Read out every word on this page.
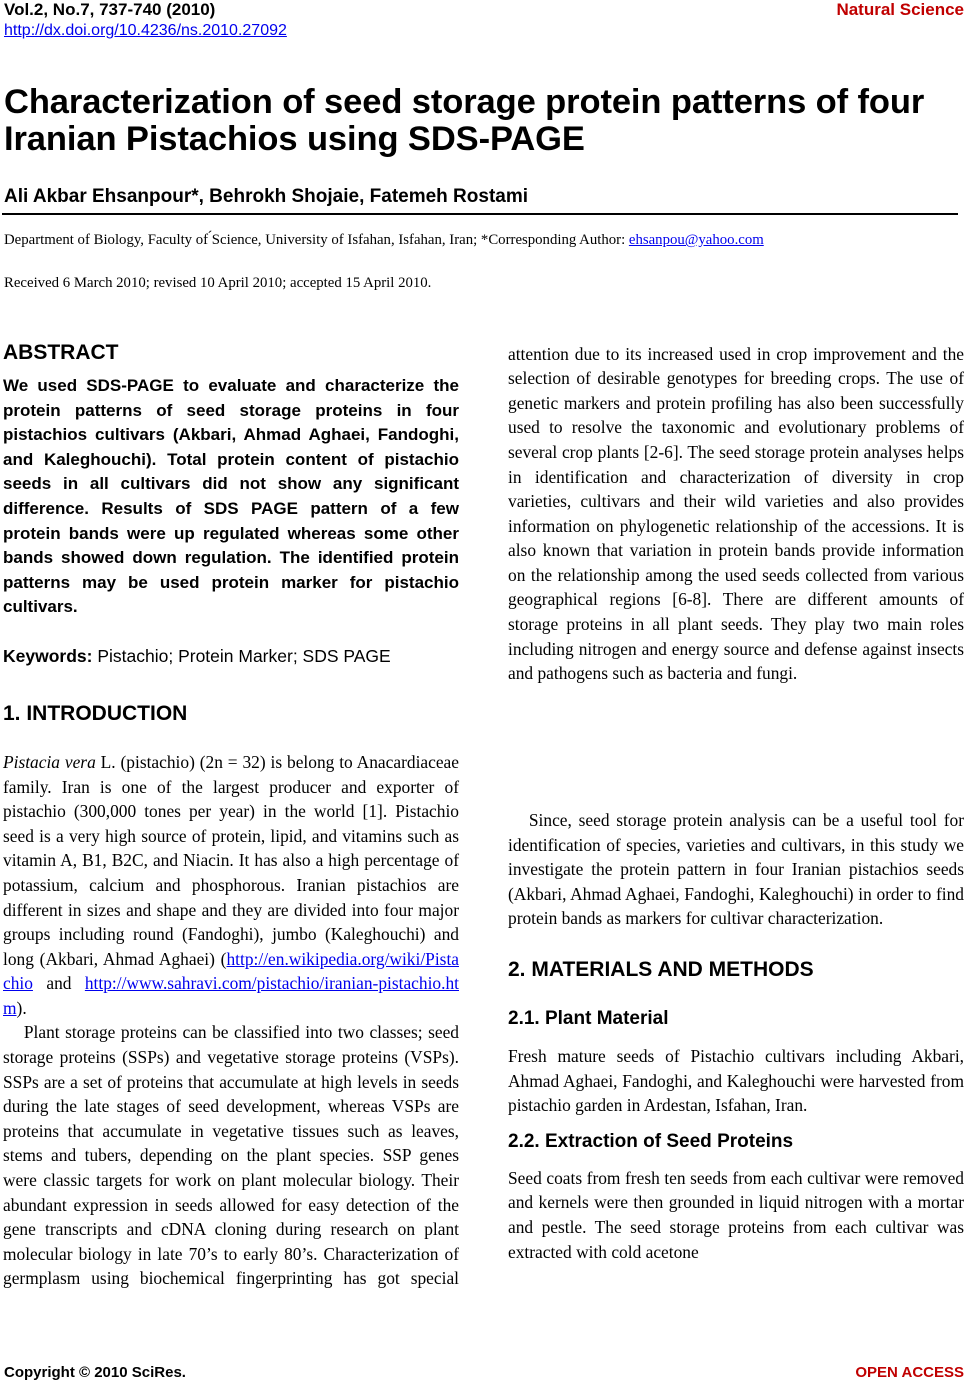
Vol.2, No.7, 737-740 (2010)
http://dx.doi.org/10.4236/ns.2010.27092
Natural Science
Characterization of seed storage protein patterns of four Iranian Pistachios using SDS-PAGE
Ali Akbar Ehsanpour*, Behrokh Shojaie, Fatemeh Rostami
Department of Biology, Faculty of ́Science, University of Isfahan, Isfahan, Iran; *Corresponding Author: ehsanpou@yahoo.com
Received 6 March 2010; revised 10 April 2010; accepted 15 April 2010.
ABSTRACT

We used SDS-PAGE to evaluate and characterize the protein patterns of seed storage proteins in four pistachios cultivars (Akbari, Ahmad Aghaei, Fandoghi, and Kaleghouchi). Total protein content of pistachio seeds in all cultivars did not show any significant difference. Results of SDS PAGE pattern of a few protein bands were up regulated whereas some other bands showed down regulation. The identified protein patterns may be used protein marker for pistachio cultivars.

Keywords: Pistachio; Protein Marker; SDS PAGE

1. INTRODUCTION

Pistacia vera L. (pistachio) (2n = 32) is belong to Anacardiaceae family. Iran is one of the largest producer and exporter of pistachio (300,000 tones per year) in the world [1]. Pistachio seed is a very high source of protein, lipid, and vitamins such as vitamin A, B1, B2C, and Niacin. It has also a high percentage of potassium, calcium and phosphorous. Iranian pistachios are different in sizes and shape and they are divided into four major groups including round (Fandoghi), jumbo (Kaleghouchi) and long (Akbari, Ahmad Aghaei) (http://en.wikipedia.org/wiki/Pistachio and http://www.sahravi.com/pistachio/iranian-pistachio.htm).

Plant storage proteins can be classified into two classes; seed storage proteins (SSPs) and vegetative storage proteins (VSPs). SSPs are a set of proteins that accumulate at high levels in seeds during the late stages of seed development, whereas VSPs are proteins that accumulate in vegetative tissues such as leaves, stems and tubers, depending on the plant species. SSP genes were classic targets for work on plant molecular biology. Their abundant expression in seeds allowed for easy detection of the gene transcripts and cDNA cloning during research on plant molecular biology in late 70’s to early 80’s. Characterization of germplasm using biochemical fingerprinting has got special

attention due to its increased used in crop improvement and the selection of desirable genotypes for breeding crops. The use of genetic markers and protein profiling has also been successfully used to resolve the taxonomic and evolutionary problems of several crop plants [2-6]. The seed storage protein analyses helps in identification and characterization of diversity in crop varieties, cultivars and their wild varieties and also provides information on phylogenetic relationship of the accessions. It is also known that variation in protein bands provide information on the relationship among the used seeds collected from various geographical regions [6-8]. There are different amounts of storage proteins in all plant seeds. They play two main roles including nitrogen and energy source and defense against insects and pathogens such as bacteria and fungi.

Since, seed storage protein analysis can be a useful tool for identification of species, varieties and cultivars, in this study we investigate the protein pattern in four Iranian pistachios seeds (Akbari, Ahmad Aghaei, Fandoghi, Kaleghouchi) in order to find protein bands as markers for cultivar characterization.

2. MATERIALS AND METHODS
2.1. Plant Material

Fresh mature seeds of Pistachio cultivars including Akbari, Ahmad Aghaei, Fandoghi, and Kaleghouchi were harvested from pistachio garden in Ardestan, Isfahan, Iran.

2.2. Extraction of Seed Proteins

Seed coats from fresh ten seeds from each cultivar were removed and kernels were then grounded in liquid nitrogen with a mortar and pestle. The seed storage proteins from each cultivar was extracted with cold acetone

Copyright © 2010 SciRes.	OPEN ACCESS
